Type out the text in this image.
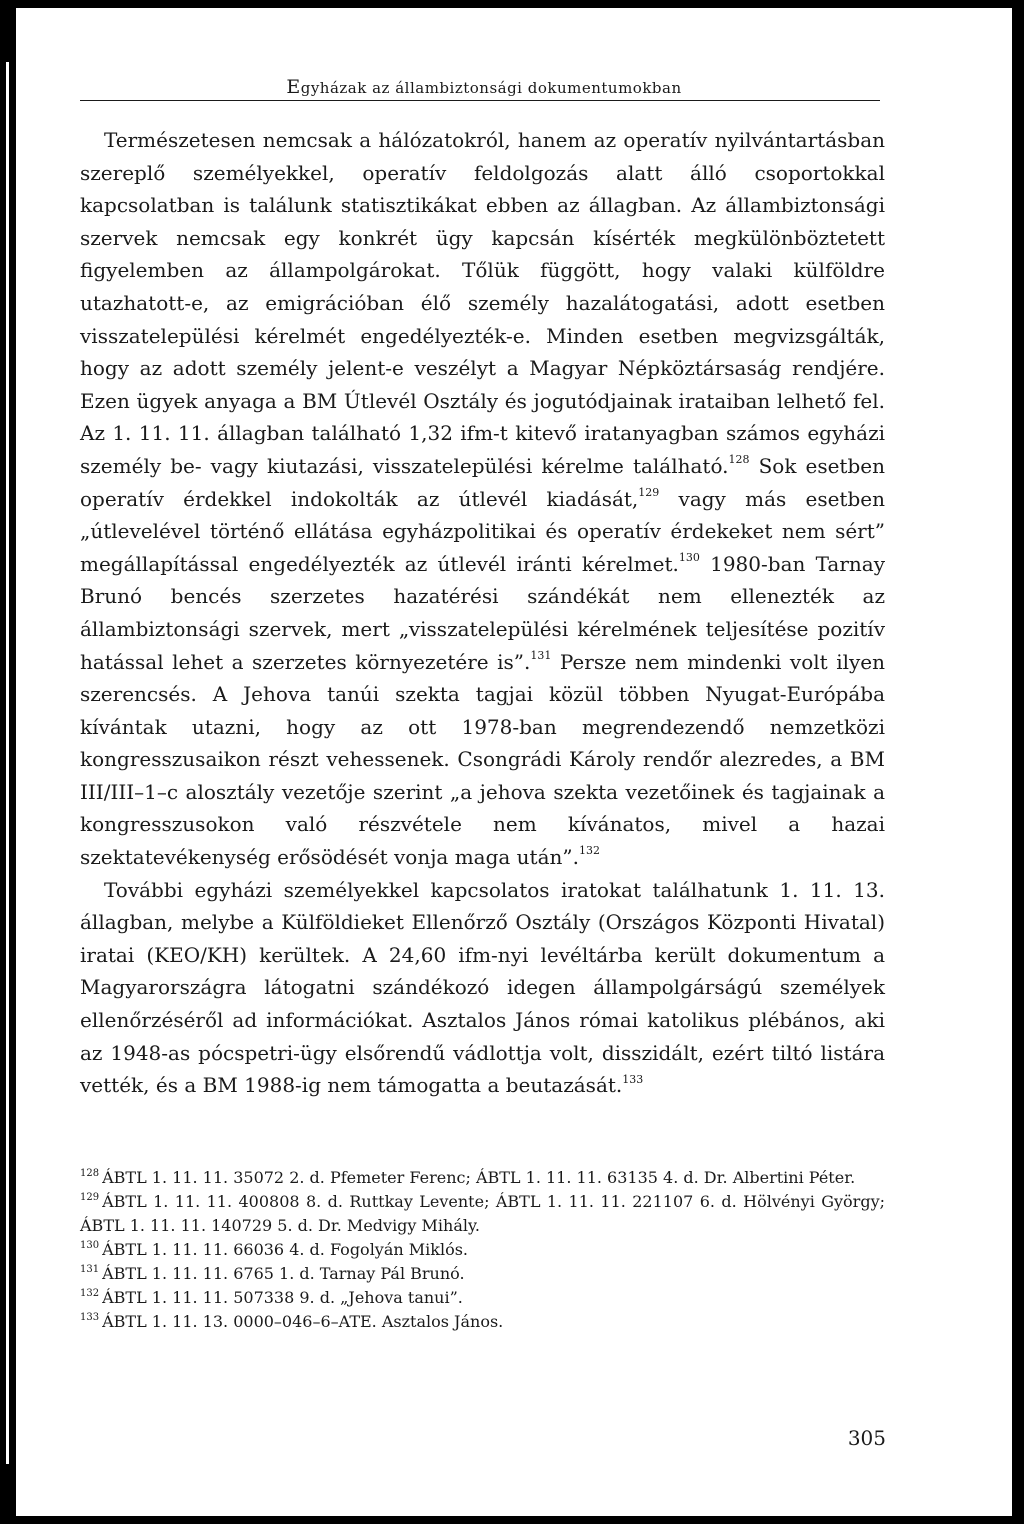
Egyházak az állambiztonsági dokumentumokban

Természetesen nemcsak a hálózatokról, hanem az operatív nyilvántartásban szereplő személyekkel, operatív feldolgozás alatt álló csoportokkal kapcsolatban is találunk statisztikákat ebben az állagban. Az állambiztonsági szervek nemcsak egy konkrét ügy kapcsán kísérték megkülönböztetett figyelemben az állampolgárokat. Tőlük függött, hogy valaki külföldre utazhatott-e, az emigrációban élő személy hazalátogatási, adott esetben visszatelepülési kérelmét engedélyezték-e. Minden esetben megvizsgálták, hogy az adott személy jelent-e veszélyt a Magyar Népköztársaság rendjére. Ezen ügyek anyaga a BM Útlevél Osztály és jogutódjainak irataiban lelhető fel. Az 1. 11. 11. állagban található 1,32 ifm-t kitevő iratanyagban számos egyházi személy be- vagy kiutazási, visszatelepülési kérelme található.$^{128}$ Sok esetben operatív érdekkel indokolták az útlevél kiadását,$^{129}$ vagy más esetben „útlevelével történő ellátása egyházpolitikai és operatív érdekeket nem sért” megállapítással engedélyezték az útlevél iránti kérelmet.$^{130}$ 1980-ban Tarnay Brunó bencés szerzetes hazatérési szándékát nem ellenezték az állambiztonsági szervek, mert „visszatelepülési kérelmének teljesítése pozitív hatással lehet a szerzetes környezetére is”.$^{131}$ Persze nem mindenki volt ilyen szerencsés. A Jehova tanúi szekta tagjai közül többen Nyugat-Európába kívántak utazni, hogy az ott 1978-ban megrendezendő nemzetközi kongresszusaikon részt vehessenek. Csongrádi Károly rendőr alezredes, a BM III/III–1–c alosztály vezetője szerint „a jehova szekta vezetőinek és tagjainak a kongresszusokon való részvétele nem kívánatos, mivel a hazai szektatevékenység erősödését vonja maga után”.$^{132}$

További egyházi személyekkel kapcsolatos iratokat találhatunk 1. 11. 13. állagban, melybe a Külföldieket Ellenőrző Osztály (Országos Központi Hivatal) iratai (KEO/KH) kerültek. A 24,60 ifm-nyi levéltárba került dokumentum a Magyarországra látogatni szándékozó idegen állampolgárságú személyek ellenőrzéséről ad információkat. Asztalos János római katolikus plébános, aki az 1948-as pócspetri-ügy elsőrendű vádlottja volt, disszidált, ezért tiltó listára vették, és a BM 1988-ig nem támogatta a beutazását.$^{133}$

$^{128}$ ÁBTL 1. 11. 11. 35072 2. d. Pfemeter Ferenc; ÁBTL 1. 11. 11. 63135 4. d. Dr. Albertini Péter.

$^{129}$ ÁBTL 1. 11. 11. 400808 8. d. Ruttkay Levente; ÁBTL 1. 11. 11. 221107 6. d. Hölvényi György; ÁBTL 1. 11. 11. 140729 5. d. Dr. Medvigy Mihály.

$^{130}$ ÁBTL 1. 11. 11. 66036 4. d. Fogolyán Miklós.

$^{131}$ ÁBTL 1. 11. 11. 6765 1. d. Tarnay Pál Brunó.

$^{132}$ ÁBTL 1. 11. 11. 507338 9. d. „Jehova tanui”.

$^{133}$ ÁBTL 1. 11. 13. 0000–046–6–ATE. Asztalos János.

305
